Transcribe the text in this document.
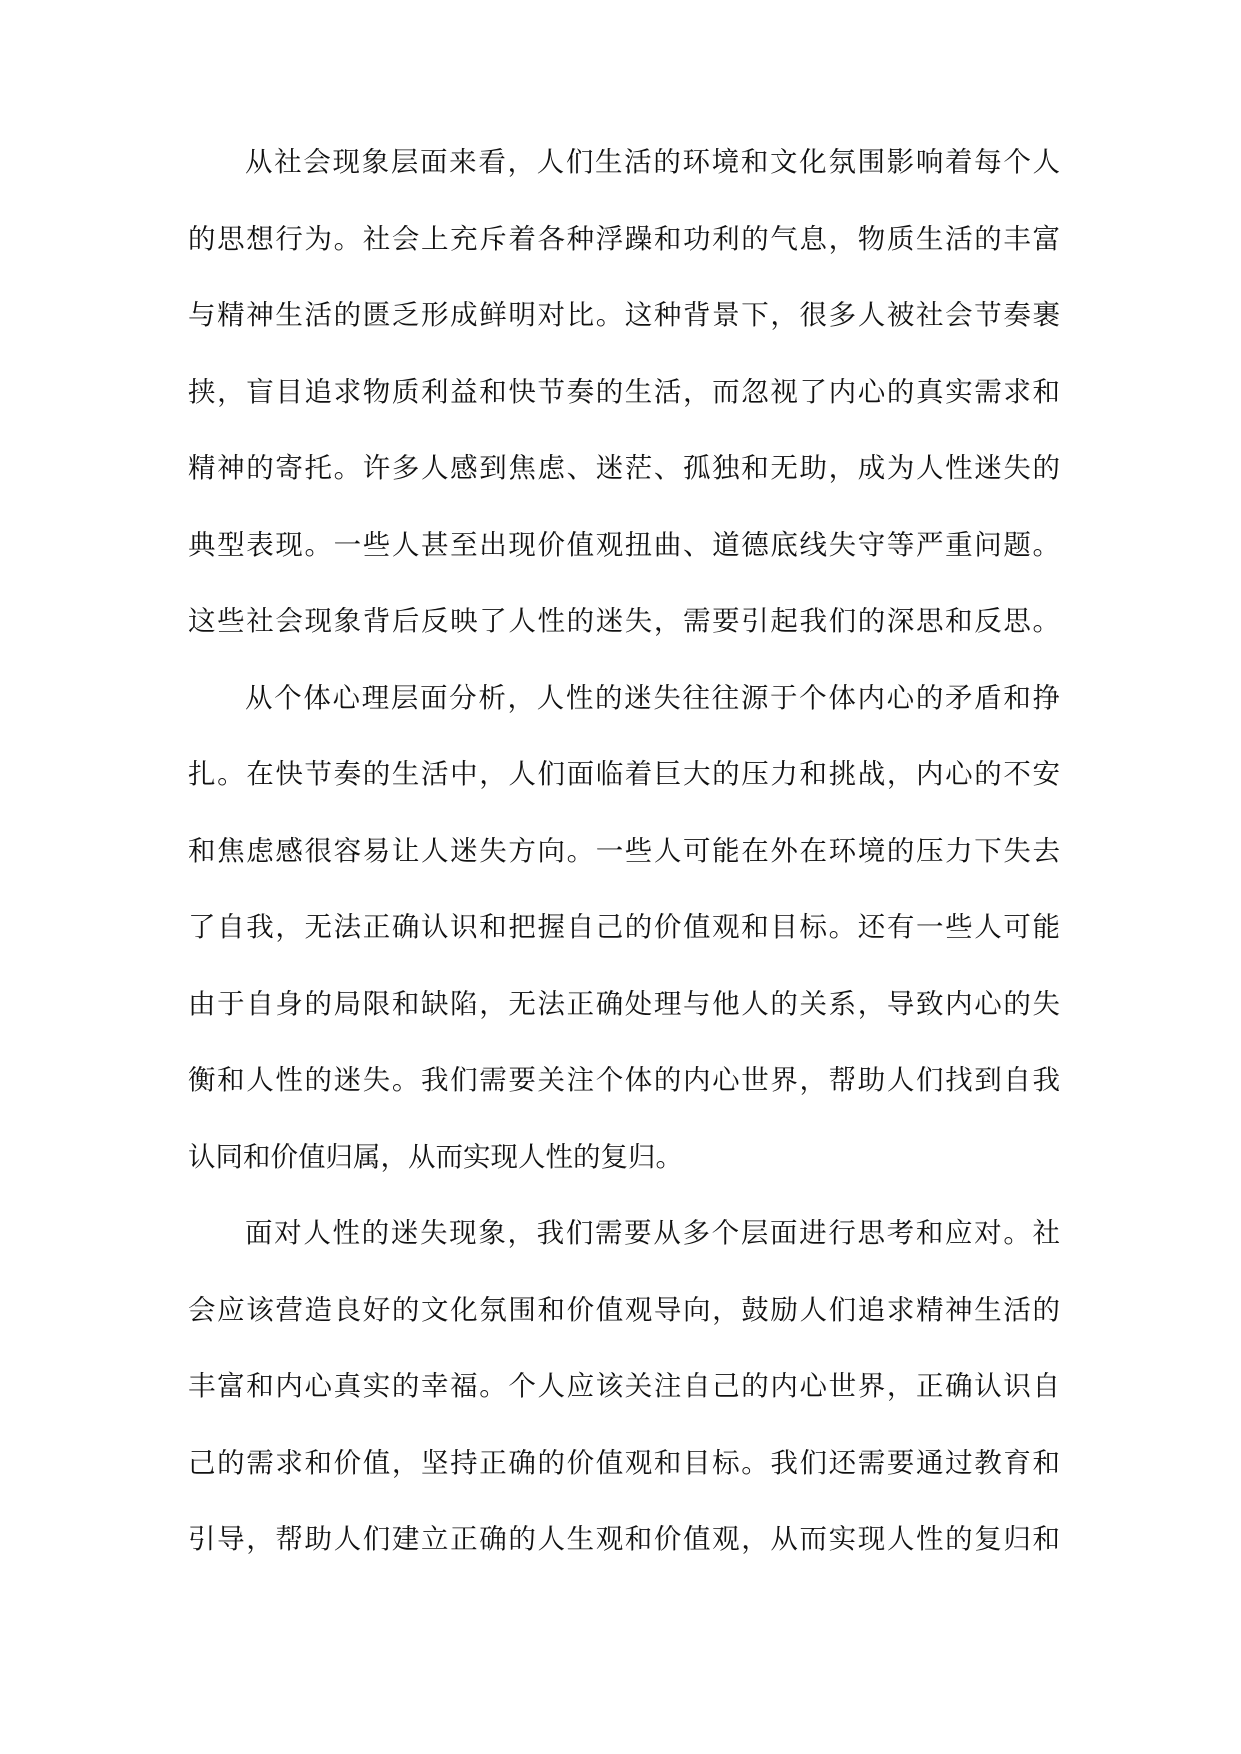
从社会现象层面来看，人们生活的环境和文化氛围影响着每个人
的思想行为。社会上充斥着各种浮躁和功利的气息，物质生活的丰富
与精神生活的匮乏形成鲜明对比。这种背景下，很多人被社会节奏裹
挟，盲目追求物质利益和快节奏的生活，而忽视了内心的真实需求和
精神的寄托。许多人感到焦虑、迷茫、孤独和无助，成为人性迷失的
典型表现。一些人甚至出现价值观扭曲、道德底线失守等严重问题。
这些社会现象背后反映了人性的迷失，需要引起我们的深思和反思。
从个体心理层面分析，人性的迷失往往源于个体内心的矛盾和挣
扎。在快节奏的生活中，人们面临着巨大的压力和挑战，内心的不安
和焦虑感很容易让人迷失方向。一些人可能在外在环境的压力下失去
了自我，无法正确认识和把握自己的价值观和目标。还有一些人可能
由于自身的局限和缺陷，无法正确处理与他人的关系，导致内心的失
衡和人性的迷失。我们需要关注个体的内心世界，帮助人们找到自我
认同和价值归属，从而实现人性的复归。
面对人性的迷失现象，我们需要从多个层面进行思考和应对。社
会应该营造良好的文化氛围和价值观导向，鼓励人们追求精神生活的
丰富和内心真实的幸福。个人应该关注自己的内心世界，正确认识自
己的需求和价值，坚持正确的价值观和目标。我们还需要通过教育和
引导，帮助人们建立正确的人生观和价值观，从而实现人性的复归和
